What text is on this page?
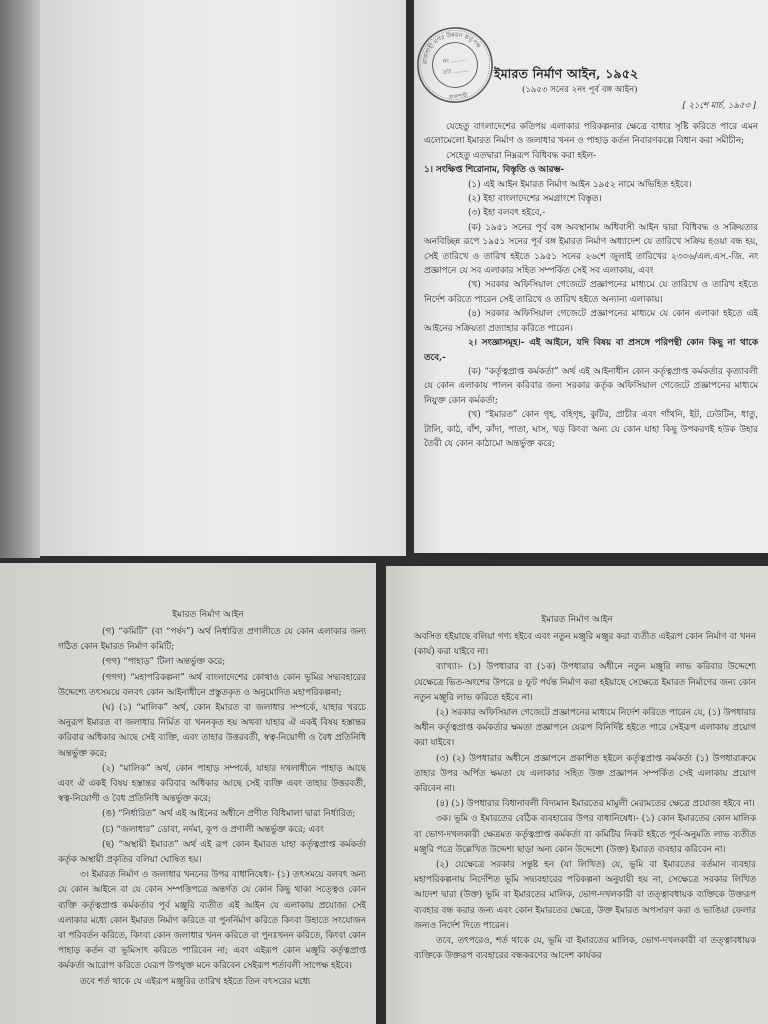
রাজশাহী নগর উন্নয়ন কর্তৃপক্ষ
নং ........
তাং ........
রাজশাহী
ইমারত নির্মাণ আইন, ১৯৫২
(১৯৫৩ সনের ২নং পূর্ব বঙ্গ আইন)
[ ২১শে মার্চ, ১৯৫৩ ]

যেহেতু বাংলাদেশের কতিপয় এলাকার পরিকল্পনার ক্ষেত্রে বাধার সৃষ্টি করিতে পারে এমন এলোমেলো ইমারত নির্মাণ ও জলাধার খনন ও পাহাড় কর্তন নিবারণকল্পে বিধান করা সমীচীন;

সেহেতু এতদ্বারা নিম্নরূপ বিধিবদ্ধ করা হইল-

১। সংক্ষিপ্ত শিরোনাম, বিস্তৃতি ও আরম্ভ-

(১) এই আইন ইমারত নির্মাণ আইন ১৯৫২ নামে অভিহিত হইবে।

(২) ইহা বাংলাদেশের সমগ্রাংশে বিস্তৃত।

(৩) ইহা বলবৎ হইবে,-

(ক) ১৯৫১ সনের পূর্ব বঙ্গ অবস্থানাম অধিবাসী আইন দ্বারা বিধিবদ্ধ ও সক্রিয়তার অনবিচ্ছিন্ন রূপে ১৯৫১ সনের পূর্ব বঙ্গ ইমারত নির্মাণ অধ্যাদেশ যে তারিখে সক্রিয় হওয়া বন্ধ হয়, সেই তারিখে ও তারিখ হইতে ১৯৫১ সনের ২৬শে জুলাই তারিখের ২৩০৬/এল.এস.-জি. নং প্রজ্ঞাপনে যে সব এলাকার সহিত সম্পর্কিত সেই সব এলাকায়, এবং

(খ) সরকার অফিসিয়াল গেজেটে প্রজ্ঞাপনের মাধ্যমে যে তারিখে ও তারিখ হইতে নির্দেশ করিতে পারেন সেই তারিখে ও তারিখ হইতে অন্যান্য এলাকায়।

(৪) সরকার অফিসিয়াল গেজেটে প্রজ্ঞাপনের মাধ্যমে যে কোন এলাকা হইতে এই আইনের সক্রিয়তা প্রত্যাহার করিতে পারেন।

২। সংজ্ঞাসমূহ।- এই আইনে, যদি বিষয় বা প্রসঙ্গে পরিপন্থী কোন কিছু না থাকে তবে,-

(ক) “কর্তৃত্বপ্রাপ্ত কর্মকর্তা” অর্থ এই আইনাধীন কোন কর্তৃত্বপ্রাপ্ত কর্মকর্তার কৃত্যাবলী যে কোন এলাকায় পালন করিবার জন্য সরকার কর্তৃক অফিসিয়াল গেজেটে প্রজ্ঞাপনের মাধ্যমে নিযুক্ত কোন কর্মকর্তা;

(খ) “ইমারত” কোন গৃহ, বহিগৃহ, কুটির, প্রাচীর এবং গাঁথনি, ইট, ঢেউটিন, ধাতু, টালি, কাঠ, বাঁশ, কাঁদা, পাতা, ঘাস, খড় কিংবা অন্য যে কোন যাহা কিছু উপকরণই হউক উহার তৈরী যে কোন কাঠামো অন্তর্ভুক্ত করে;

ইমারত নির্মাণ আইন

(গ) “কমিটি” (বা “পর্ষদ”) অর্থ নির্ধারিত প্রণালীতে যে কোন এলাকার জন্য গঠিত কোন ইমারত নির্মাণ কমিটি;

(গগ) “পাহাড়” টিলা অন্তর্ভুক্ত করে;

(গগগ) “মহাপরিকল্পনা” অর্থ বাংলাদেশের কোথাও কোন ভূমির সদ্ব্যবহারের উদ্দেশ্যে তৎসময়ে বলবৎ কোন আইনাধীনে প্রস্তুতকৃত ও অনুমোদিত মহাপরিকল্পনা;

(ঘ) (১) “মালিক” অর্থ, কোন ইমারত বা জলাধার সম্পর্কে, যাহার খরচে অনুরূপ ইমারত বা জলাধার নির্মিত বা খননকৃত হয় অথবা যাহার ঐ একই বিষয় হস্তান্তর করিবার অধিকার আছে সেই ব্যক্তি, এবং তাহার উত্তরবর্তী, স্বত্ব-নিয়োগী ও বৈধ প্রতিনিধি অন্তর্ভুক্ত করে;

(২) “মালিক” অর্থ, কোন পাহাড় সম্পর্কে, যাহার দখলাধীনে পাহাড় আছে এবং ঐ একই বিষয় হস্তান্তর করিবার অধিকার আছে সেই ব্যক্তি এবং তাহার উত্তরবর্তী, স্বত্ব-নিয়োগী ও বৈধ প্রতিনিধি অন্তর্ভুক্ত করে;

(ঙ) “নির্ধারিত” অর্থ এই আইনের অধীনে প্রণীত বিধিমালা দ্বারা নির্ধারিত;

(চ) “জলাধার” ডোবা, নর্দমা, কূপ ও প্রণালী অন্তর্ভুক্ত করে; এবং

(ছ) “অস্থায়ী ইমারত” অর্থ এই রূপ কোন ইমারত যাহা কর্তৃত্বপ্রাপ্ত কর্মকর্তা কর্তৃক অস্থায়ী প্রকৃতির বলিয়া ঘোষিত হয়।

৩। ইমারত নির্মাণ ও জলাধার খননের উপর বাধানিষেধ।- (১) তৎসময়ে বলবৎ অন্য যে কোন আইনে বা যে কোন সম্পত্তিপত্রে অন্তর্গত যে কোন কিছু থাকা সত্ত্বেও কোন ব্যক্তি কর্তৃত্বপ্রাপ্ত কর্মকর্তার পূর্ব মঞ্জুরি ব্যতীত এই আইন যে এলাকায় প্রযোজ্য সেই এলাকার মধ্যে কোন ইমারত নির্মাণ করিতে বা পুনর্নির্মাণ করিতে কিংবা উহাতে সংযোজন বা পরিবর্তন করিতে, কিংবা কোন জলাধার খনন করিতে বা পুনঃখনন করিতে, কিংবা কোন পাহাড় কর্তন বা ভূমিসাৎ করিতে পারিবেন না; এবং এইরূপ কোন মঞ্জুরি কর্তৃত্বপ্রাপ্ত কর্মকর্তা আরোপ করিতে যেরূপ উপযুক্ত মনে করিবেন সেইরূপ শর্তাবলী সাপেক্ষ হইবে।

তবে শর্ত থাকে যে এইরূপ মঞ্জুরির তারিখ হইতে তিন বৎসরের মধ্যে

ইমারত নির্মাণ আইন

অবসিত হইয়াছে বলিয়া গণ্য হইবে এবং নতুন মঞ্জুরি মঞ্জুর করা ব্যতীত এইরূপ কোন নির্মাণ বা খনন (কার্য) করা যাইবে না।

ব্যাখ্যা।- (১) উপধারার বা (১ক) উপধারার অধীনে নতুন মঞ্জুরি লাভ করিবার উদ্দেশ্যে যেক্ষেত্রে ভিত-অংশের উপরে ৪ ফুট পর্যন্ত নির্মাণ করা হইয়াছে সেক্ষেত্রে ইমারত নির্মাণের জন্য কোন নতুন মঞ্জুরি লাভ করিতে হইবে না।

(২) সরকার অফিসিয়াল গেজেটে প্রজ্ঞাপনের মাধ্যমে নির্দেশ করিতে পারেন যে, (১) উপধারার অধীন কর্তৃত্বপ্রাপ্ত কর্মকর্তার ক্ষমতা প্রজ্ঞাপনে যেরূপ বিনির্দিষ্ট হইতে পারে সেইরূপ এলাকায় প্রয়োগ করা যাইবে।

(৩) (২) উপধারার অধীনে প্রজ্ঞাপনে প্রকাশিত হইলে কর্তৃত্বপ্রাপ্ত কর্মকর্তা (১) উপধারাক্রমে তাহার উপর অর্পিত ক্ষমতা যে এলাকার সহিত উক্ত প্রজ্ঞাপন সম্পর্কিত সেই এলাকায় প্রয়োগ করিবেন না।

(৪) (১) উপধারার বিধানাবলী বিদ্যমান ইমারতের মামুলী মেরামতের ক্ষেত্রে প্রযোজ্য হইবে না।

৩ক। ভূমি ও ইমারতের বেঠিক ব্যবহারের উপর বাধানিষেধ।- (১) কোন ইমারতের কোন মালিক বা ভোগ-দখলকারী ক্ষেত্রমত কর্তৃত্বপ্রাপ্ত কর্মকর্তা বা কমিটির নিকট হইতে পূর্ব-অনুমতি লাভ ব্যতীত মঞ্জুরি পত্রে উল্লেখিত উদ্দেশ্য ছাড়া অন্য কোন উদ্দেশ্যে (উক্ত) ইমারত ব্যবহার করিবেন না।

(২) যেক্ষেত্রে সরকার সন্তুষ্ট হন (যা লিখিত) যে, ভূমি বা ইমারতের বর্তমান ব্যবহার মহাপরিকল্পনায় নির্দেশিত ভূমি সদ্ব্যবহারের পরিকল্পনা অনুযায়ী হয় না, সেক্ষেত্রে সরকার লিখিত আদেশ দ্বারা (উক্ত) ভূমি বা ইমারতের মালিক, ভোগ-দখলকারী বা তত্ত্বাবধায়ক ব্যক্তিকে উক্তরূপ ব্যবহার বন্ধ করার জন্য এবং কোন ইমারতের ক্ষেত্রে, উক্ত ইমারত অপসারণ করা ও ভাঙিয়া ফেলার জন্যও নির্দেশ দিতে পারেন।

তবে, তৎপরেও, শর্ত থাকে যে, ভূমি বা ইমারতের মালিক, ভোগ-দখলকারী বা তত্ত্বাবধায়ক ব্যক্তিকে উক্তরূপ ব্যবহারের বন্ধকরণের আদেশ কার্যকর
